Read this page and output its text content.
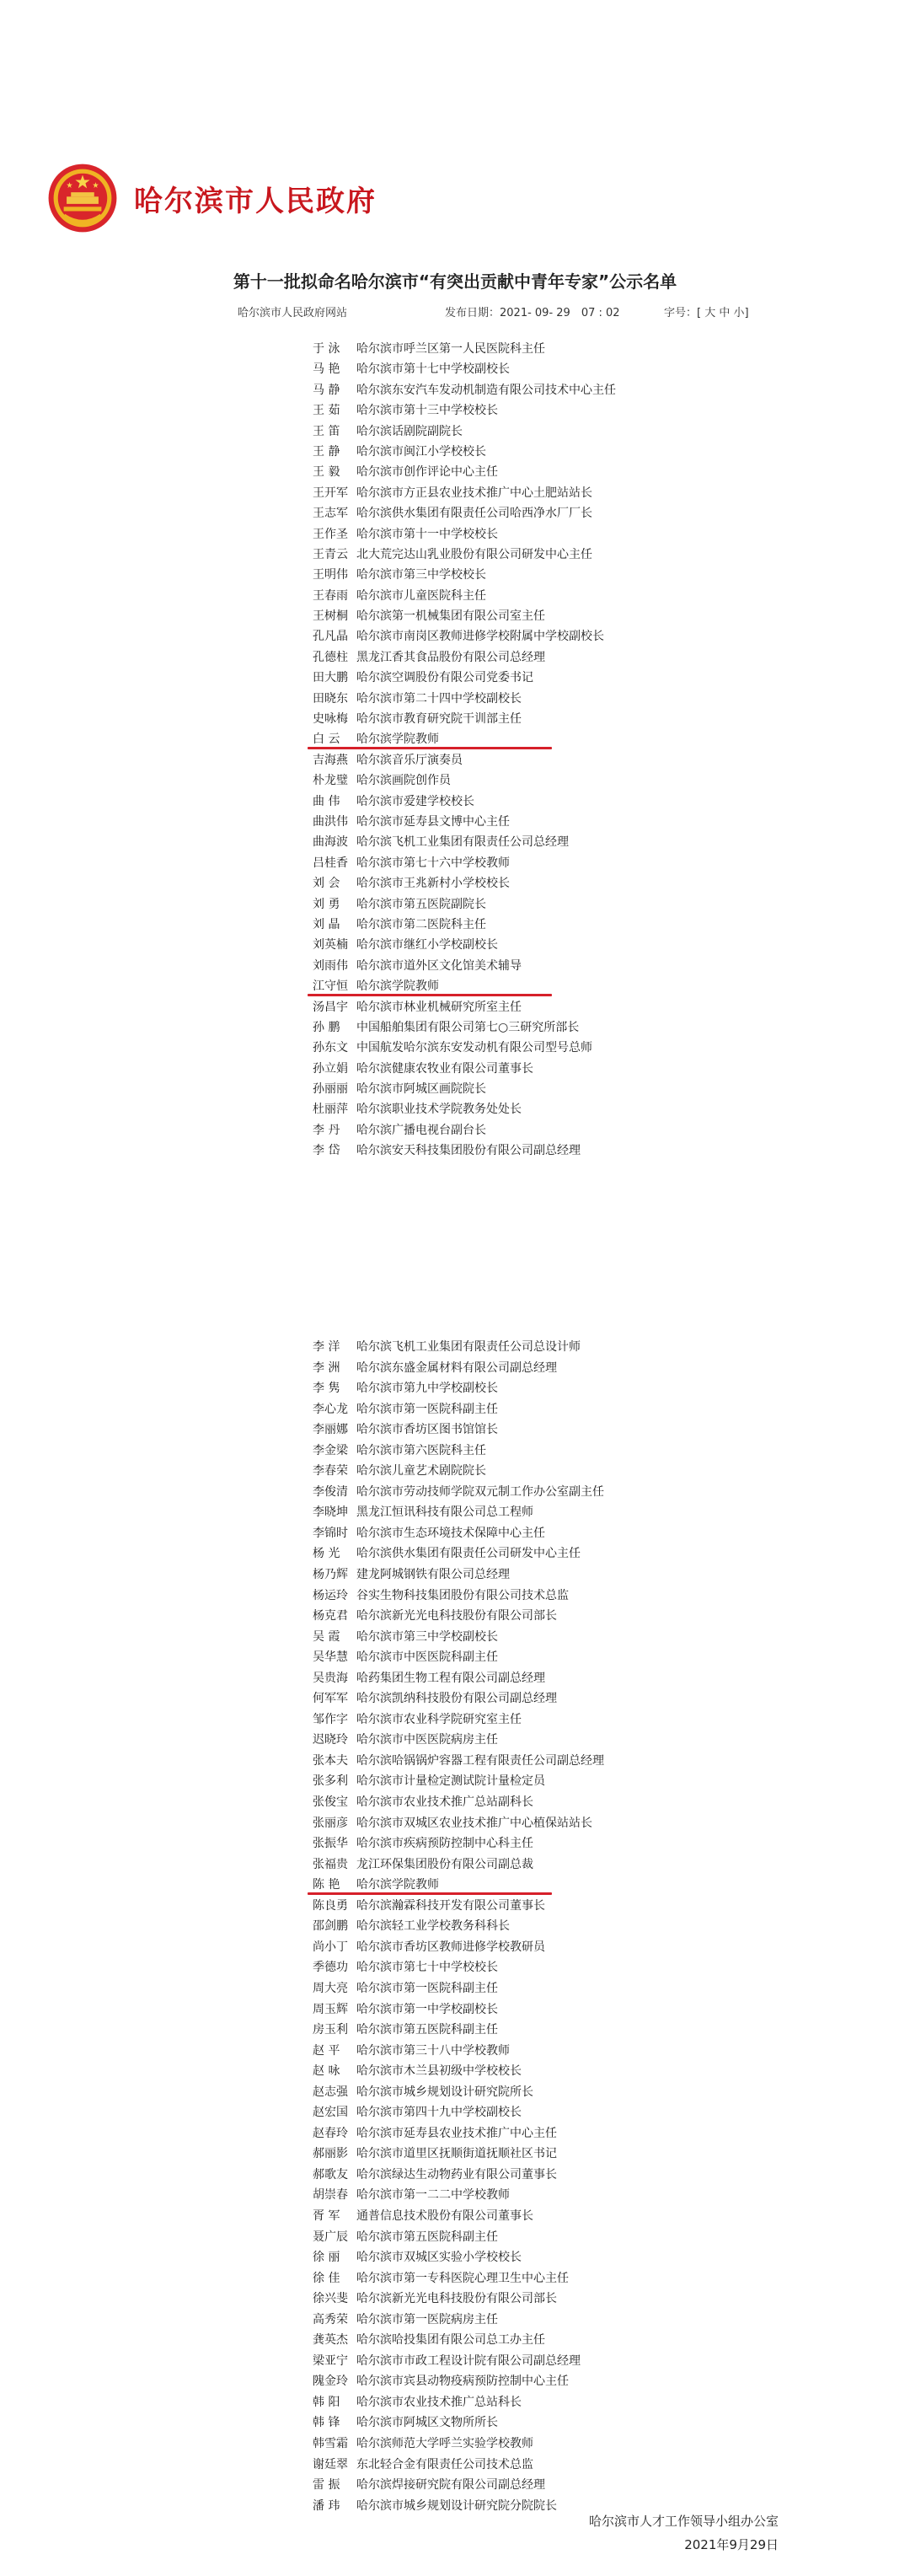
哈尔滨市人民政府
第十一批拟命名哈尔滨市“有突出贡献中青年专家”公示名单
哈尔滨市人民政府网站	发布日期：2021- 09- 29　07 : 02	字号：[ 大 中 小]
于 泳 哈尔滨市呼兰区第一人民医院科主任
马 艳 哈尔滨市第十七中学校副校长
马 静 哈尔滨东安汽车发动机制造有限公司技术中心主任
王 茹 哈尔滨市第十三中学校校长
王 笛 哈尔滨话剧院副院长
王 静 哈尔滨市闽江小学校校长
王 毅 哈尔滨市创作评论中心主任
王开军 哈尔滨市方正县农业技术推广中心土肥站站长
王志军 哈尔滨供水集团有限责任公司哈西净水厂厂长
王作圣 哈尔滨市第十一中学校校长
王青云 北大荒完达山乳业股份有限公司研发中心主任
王明伟 哈尔滨市第三中学校校长
王春雨 哈尔滨市儿童医院科主任
王树桐 哈尔滨第一机械集团有限公司室主任
孔凡晶 哈尔滨市南岗区教师进修学校附属中学校副校长
孔德柱 黑龙江香其食品股份有限公司总经理
田大鹏 哈尔滨空调股份有限公司党委书记
田晓东 哈尔滨市第二十四中学校副校长
史咏梅 哈尔滨市教育研究院干训部主任
白 云 哈尔滨学院教师
吉海燕 哈尔滨音乐厅演奏员
朴龙璧 哈尔滨画院创作员
曲 伟 哈尔滨市爱建学校校长
曲洪伟 哈尔滨市延寿县文博中心主任
曲海波 哈尔滨飞机工业集团有限责任公司总经理
吕桂香 哈尔滨市第七十六中学校教师
刘 会 哈尔滨市王兆新村小学校校长
刘 勇 哈尔滨市第五医院副院长
刘 晶 哈尔滨市第二医院科主任
刘英楠 哈尔滨市继红小学校副校长
刘雨伟 哈尔滨市道外区文化馆美术辅导
江守恒 哈尔滨学院教师
汤昌宇 哈尔滨市林业机械研究所室主任
孙 鹏 中国船舶集团有限公司第七○三研究所部长
孙东文 中国航发哈尔滨东安发动机有限公司型号总师
孙立娟 哈尔滨健康农牧业有限公司董事长
孙丽丽 哈尔滨市阿城区画院院长
杜丽萍 哈尔滨职业技术学院教务处处长
李 丹 哈尔滨广播电视台副台长
李 岱 哈尔滨安天科技集团股份有限公司副总经理
李 洋 哈尔滨飞机工业集团有限责任公司总设计师
李 洲 哈尔滨东盛金属材料有限公司副总经理
李 隽 哈尔滨市第九中学校副校长
李心龙 哈尔滨市第一医院科副主任
李丽娜 哈尔滨市香坊区图书馆馆长
李金梁 哈尔滨市第六医院科主任
李春荣 哈尔滨儿童艺术剧院院长
李俊清 哈尔滨市劳动技师学院双元制工作办公室副主任
李晓坤 黑龙江恒讯科技有限公司总工程师
李锦时 哈尔滨市生态环境技术保障中心主任
杨 光 哈尔滨供水集团有限责任公司研发中心主任
杨乃辉 建龙阿城钢铁有限公司总经理
杨运玲 谷实生物科技集团股份有限公司技术总监
杨克君 哈尔滨新光光电科技股份有限公司部长
吴 霞 哈尔滨市第三中学校副校长
吴华慧 哈尔滨市中医医院科副主任
吴贵海 哈药集团生物工程有限公司副总经理
何军军 哈尔滨凯纳科技股份有限公司副总经理
邹作字 哈尔滨市农业科学院研究室主任
迟晓玲 哈尔滨市中医医院病房主任
张本夫 哈尔滨哈锅锅炉容器工程有限责任公司副总经理
张多利 哈尔滨市计量检定测试院计量检定员
张俊宝 哈尔滨市农业技术推广总站副科长
张丽彦 哈尔滨市双城区农业技术推广中心植保站站长
张振华 哈尔滨市疾病预防控制中心科主任
张福贵 龙江环保集团股份有限公司副总裁
陈 艳 哈尔滨学院教师
陈良勇 哈尔滨瀚霖科技开发有限公司董事长
邵剑鹏 哈尔滨轻工业学校教务科科长
尚小丁 哈尔滨市香坊区教师进修学校教研员
季德功 哈尔滨市第七十中学校校长
周大亮 哈尔滨市第一医院科副主任
周玉辉 哈尔滨市第一中学校副校长
房玉利 哈尔滨市第五医院科副主任
赵 平 哈尔滨市第三十八中学校教师
赵 咏 哈尔滨市木兰县初级中学校校长
赵志强 哈尔滨市城乡规划设计研究院所长
赵宏国 哈尔滨市第四十九中学校副校长
赵春玲 哈尔滨市延寿县农业技术推广中心主任
郝丽影 哈尔滨市道里区抚顺街道抚顺社区书记
郝歌友 哈尔滨绿达生动物药业有限公司董事长
胡崇春 哈尔滨市第一二二中学校教师
胥 军 通普信息技术股份有限公司董事长
聂广辰 哈尔滨市第五医院科副主任
徐 丽 哈尔滨市双城区实验小学校校长
徐 佳 哈尔滨市第一专科医院心理卫生中心主任
徐兴斐 哈尔滨新光光电科技股份有限公司部长
高秀荣 哈尔滨市第一医院病房主任
龚英杰 哈尔滨哈投集团有限公司总工办主任
梁亚宁 哈尔滨市市政工程设计院有限公司副总经理
隗金玲 哈尔滨市宾县动物疫病预防控制中心主任
韩 阳 哈尔滨市农业技术推广总站科长
韩 锋 哈尔滨市阿城区文物所所长
韩雪霜 哈尔滨师范大学呼兰实验学校教师
谢廷翠 东北轻合金有限责任公司技术总监
雷 振 哈尔滨焊接研究院有限公司副总经理
潘 玮 哈尔滨市城乡规划设计研究院分院院长
哈尔滨市人才工作领导小组办公室
2021年9月29日
